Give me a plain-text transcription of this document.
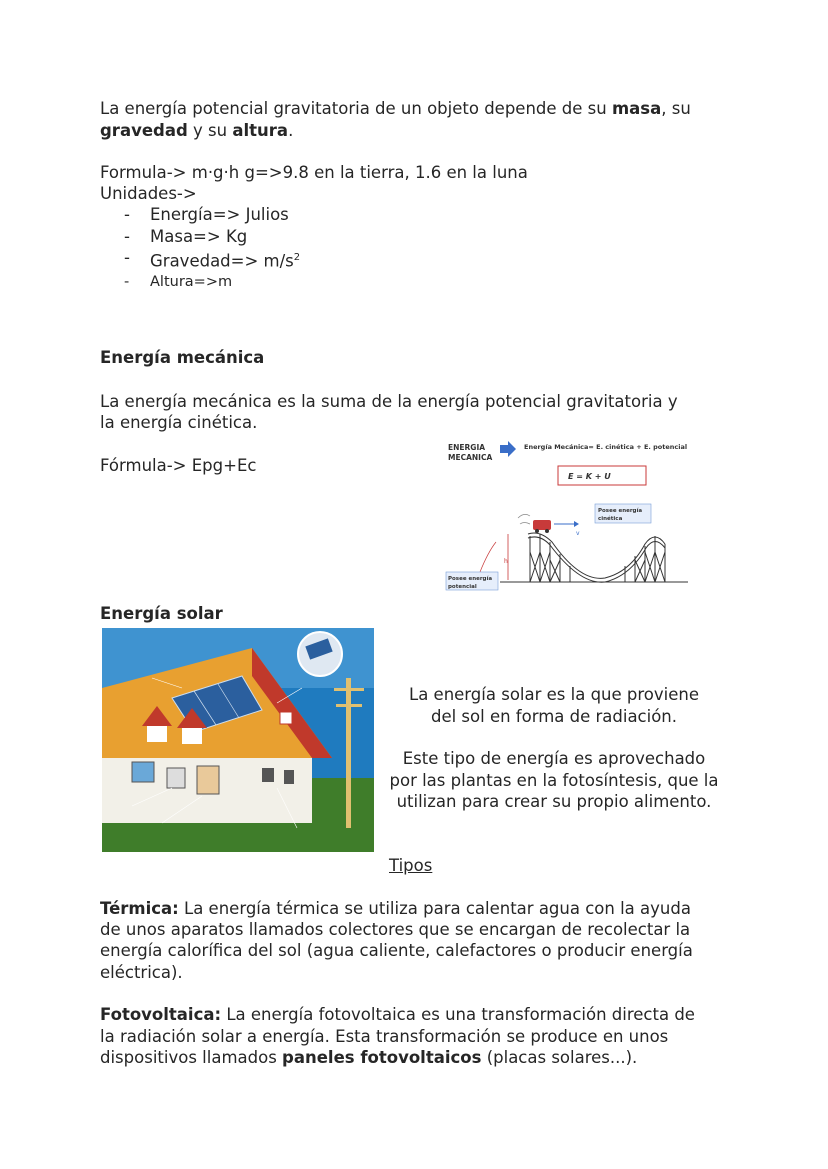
La energía potencial gravitatoria de un objeto depende de su masa, su
gravedad y su altura.
Formula-> m·g·h g=>9.8 en la tierra, 1.6 en la luna
Unidades->
- Energía=> Julios
- Masa=> Kg
- Gravedad=> $m/s^2$
- Altura=>m
Energía mecánica
La energía mecánica es la suma de la energía potencial gravitatoria y
la energía cinética.
Fórmula-> Epg+Ec
ENERGIA
MECANICA
Energía Mecánica= E. cinética + E. potencial
E = K + U
Posee energía
cinética
v
h
Posee energía
potencial
Energía solar
La energía solar es la que proviene
del sol en forma de radiación.
Este tipo de energía es aprovechado
por las plantas en la fotosíntesis, que la
utilizan para crear su propio alimento.
Tipos
Térmica: La energía térmica se utiliza para calentar agua con la ayuda
de unos aparatos llamados colectores que se encargan de recolectar la
energía calorífica del sol (agua caliente, calefactores o producir energía
eléctrica).
Fotovoltaica: La energía fotovoltaica es una transformación directa de
la radiación solar a energía. Esta transformación se produce en unos
dispositivos llamados paneles fotovoltaicos (placas solares...).
